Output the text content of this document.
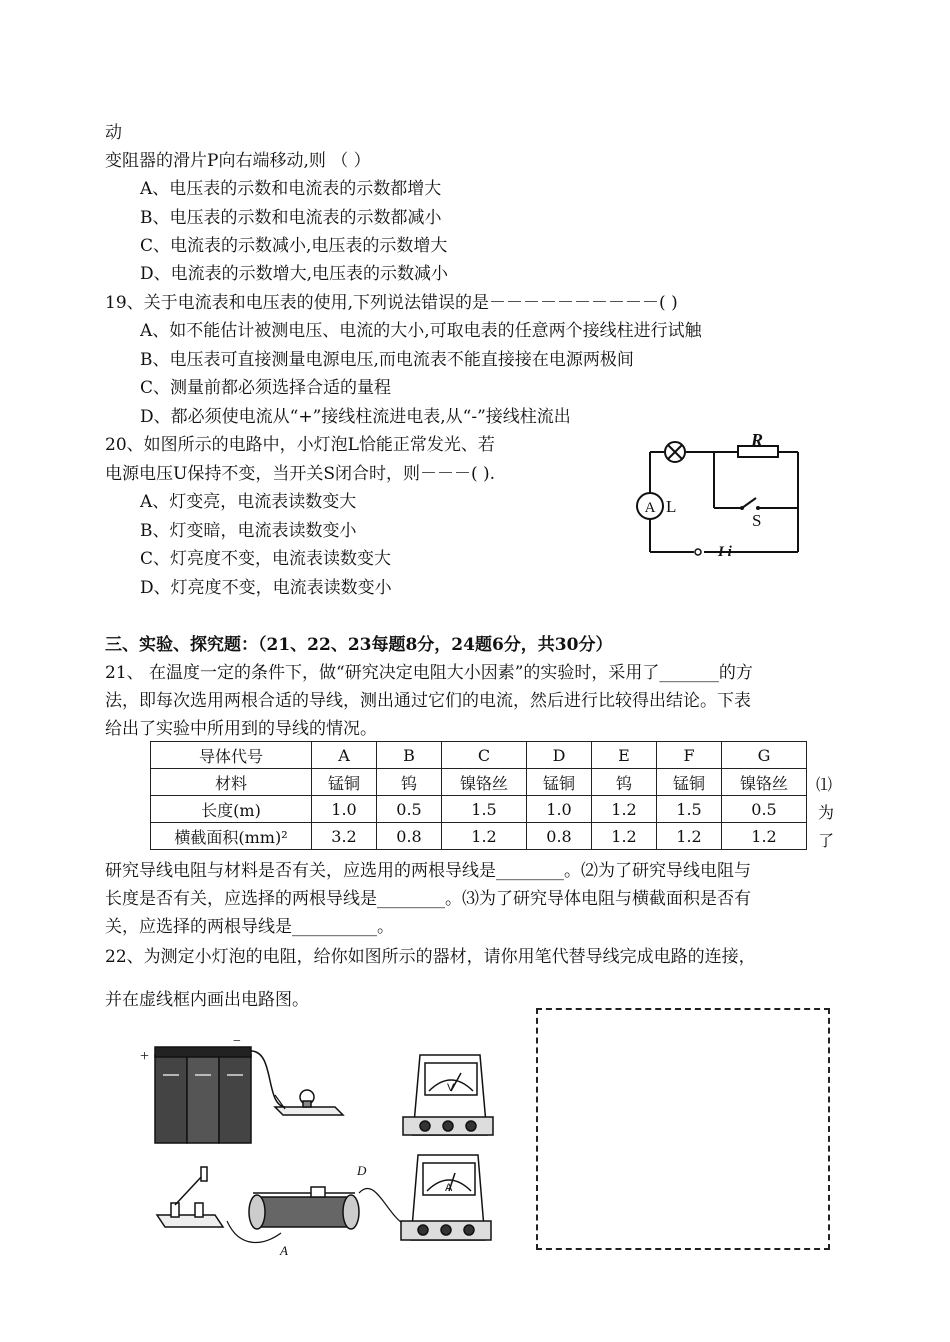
动
变阻器的滑片P向右端移动,则 （ ）
A、电压表的示数和电流表的示数都增大
B、电压表的示数和电流表的示数都减小
C、电流表的示数减小,电压表的示数增大
D、电流表的示数增大,电压表的示数减小
19、关于电流表和电压表的使用,下列说法错误的是－－－－－－－－－－( )
A、如不能估计被测电压、电流的大小,可取电表的任意两个接线柱进行试触
B、电压表可直接测量电源电压,而电流表不能直接接在电源两极间
C、测量前都必须选择合适的量程
D、都必须使电流从“+”接线柱流进电表,从“-”接线柱流出
20、如图所示的电路中，小灯泡L恰能正常发光、若
电源电压U保持不变，当开关S闭合时，则－－－( ).
A、灯变亮，电流表读数变大
B、灯变暗，电流表读数变小
C、灯亮度不变，电流表读数变大
D、灯亮度不变，电流表读数变小
A
R
L
S
I i
三、实验、探究题：（21、22、23每题8分，24题6分，共30分）
21、 在温度一定的条件下，做“研究决定电阻大小因素”的实验时，采用了_______的方
法，即每次选用两根合适的导线，测出通过它们的电流，然后进行比较得出结论。下表
给出了实验中所用到的导线的情况。
导体代号	A	B	C	D	E	F	G
材料	锰铜	钨	镍铬丝	锰铜	钨	锰铜	镍铬丝
长度(m)	1.0	0.5	1.5	1.0	1.2	1.5	0.5
横截面积(mm)²	3.2	0.8	1.2	0.8	1.2	1.2	1.2
⑴
为
了
研究导线电阻与材料是否有关，应选用的两根导线是________。⑵为了研究导线电阻与
长度是否有关，应选择的两根导线是________。⑶为了研究导体电阻与横截面积是否有
关，应选择的两根导线是__________。
22、为测定小灯泡的电阻，给你如图所示的器材，请你用笔代替导线完成电路的连接，
并在虚线框内画出电路图。
+
−
V
A
D
A
